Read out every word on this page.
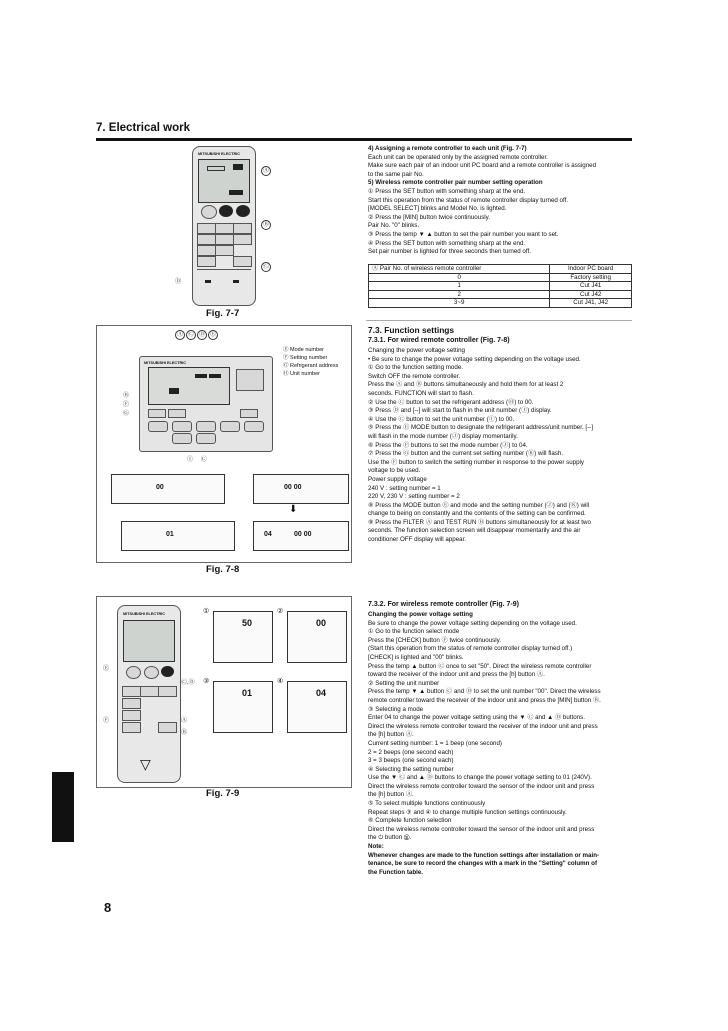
7. Electrical work
MITSUBISHI ELECTRIC
Ⓐ
Ⓑ
Ⓒ
Ⓓ
Fig. 7-7
Ⓐ Ⓒ Ⓓ Ⓔ
Ⓔ Mode number
Ⓕ Setting number
Ⓖ Refrigerant address
Ⓗ Unit number
MITSUBISHI ELECTRIC
Ⓑ
Ⓕ
Ⓖ
Ⓘ Ⓒ
00	00 00
⬇
01	04	00 00
Fig. 7-8
MITSUBISHI ELECTRIC
▽
Ⓔ
Ⓕ
Ⓒ,Ⓓ
Ⓐ
Ⓑ
①
50
②
00
③
01
④
04
Fig. 7-9
4) Assigning a remote controller to each unit (Fig. 7-7)
Each unit can be operated only by the assigned remote controller.
Make sure each pair of an indoor unit PC board and a remote controller is assigned
to the same pair No.
5) Wireless remote controller pair number setting operation
① Press the SET button with something sharp at the end.
Start this operation from the status of remote controller display turned off.
[MODEL SELECT] blinks and Model No. is lighted.
② Press the [MIN] button twice continuously.
Pair No. "0" blinks.
③ Press the temp ▼ ▲ button to set the pair number you want to set.
④ Press the SET button with something sharp at the end.
Set pair number is lighted for three seconds then turned off.
Ⓐ Pair No. of wireless remote controller	Indoor PC board
0	Factory setting
1	Cut J41
2	Cut J42
3~9	Cut J41, J42
7.3. Function settings
7.3.1. For wired remote controller (Fig. 7-8)
Changing the power voltage setting
• Be sure to change the power voltage setting depending on the voltage used.
① Go to the function setting mode.
Switch OFF the remote controller.
Press the Ⓐ and Ⓑ buttons simultaneously and hold them for at least 2
seconds. FUNCTION will start to flash.
② Use the Ⓒ button to set the refrigerant address (Ⓗ) to 00.
③ Press Ⓓ and [--] will start to flash in the unit number (Ⓘ) display.
④ Use the Ⓒ button to set the unit number (Ⓘ) to 00.
⑤ Press the Ⓔ MODE button to designate the refrigerant address/unit number. [--]
will flash in the mode number (Ⓙ) display momentarily.
⑥ Press the Ⓕ buttons to set the mode number (Ⓙ) to 04.
⑦ Press the Ⓖ button and the current set setting number (Ⓚ) will flash.
Use the Ⓕ button to switch the setting number in response to the power supply
voltage to be used.
Power supply voltage
240 V : setting number = 1
220 V, 230 V : setting number = 2
⑧ Press the MODE button Ⓔ and mode and the setting number (Ⓙ) and (Ⓚ) will
change to being on constantly and the contents of the setting can be confirmed.
⑨ Press the FILTER Ⓐ and TEST RUN Ⓑ buttons simultaneously for at least two
seconds. The function selection screen will disappear momentarily and the air
conditioner OFF display will appear.
7.3.2. For wireless remote controller (Fig. 7-9)
Changing the power voltage setting
Be sure to change the power voltage setting depending on the voltage used.
① Go to the function select mode
Press the [CHECK] button Ⓕ twice continuously.
(Start this operation from the status of remote controller display turned off.)
[CHECK] is lighted and "00" blinks.
Press the temp ▲ button Ⓒ once to set "50". Direct the wireless remote controller
toward the receiver of the indoor unit and press the [h] button Ⓐ.
② Setting the unit number
Press the temp ▼ ▲ button Ⓒ and Ⓓ to set the unit number "00". Direct the wireless
remote controller toward the receiver of the indoor unit and press the [MIN] button Ⓑ.
③ Selecting a mode
Enter 04 to change the power voltage setting using the ▼ Ⓒ and ▲ Ⓓ buttons.
Direct the wireless remote controller toward the receiver of the indoor unit and press
the [h] button Ⓐ.
Current setting number: 1 = 1 beep (one second)
2 = 2 beeps (one second each)
3 = 3 beeps (one second each)
④ Selecting the setting number
Use the ▼ Ⓒ and ▲ Ⓓ buttons to change the power voltage setting to 01 (240V).
Direct the wireless remote controller toward the sensor of the indoor unit and press
the [h] button Ⓐ.
⑤ To select multiple functions continuously
Repeat steps ③ and ④ to change multiple function settings continuously.
⑥ Complete function selection
Direct the wireless remote controller toward the sensor of the indoor unit and press
the ⏻ button Ⓔ.
Note:
Whenever changes are made to the function settings after installation or main-
tenance, be sure to record the changes with a mark in the "Setting" column of
the Function table.
8
